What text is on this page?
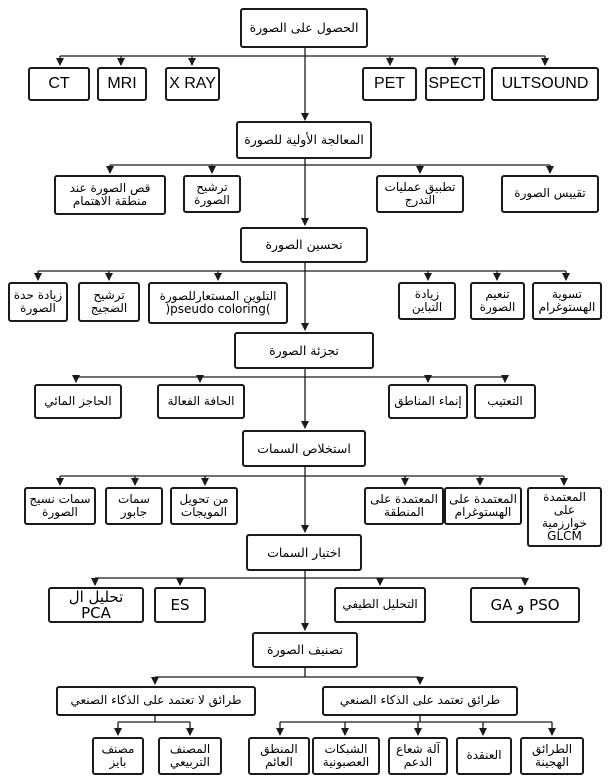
الحصول على الصورة
المعالجة الأولية للصورة
تحسين الصورة
تجزئة الصورة
استخلاص السمات
اختيار السمات
تصنيف الصورة
CT	MRI	X RAY	PET	SPECT	ULTSOUND
قص الصورة عند
منطقة الاهتمام
ترشيح
الصورة
تطبيق عمليات
التدرج	تقييس الصورة
زيادة حدة
الصورة
ترشيح
الضجيج
التلوين المستعارللصورة
(pseudo coloring)
زيادة
التباين
تنعيم
الصورة
تسوية
الهستوغرام
الحاجز المائي	الحافة الفعالة	إنماء المناطق	التعتيب
سمات نسيج
الصورة
سمات
جابور
من تحويل
المويجات
المعتمدة على
المنطقة
المعتمدة على
الهستوغرام
المعتمدة على
خوارزمية
GLCM
تحليل ال PCA	ES	التحليل الطيفي	GA و PSO
طرائق لا تعتمد على الذكاء الصنعي	طرائق تعتمد على الذكاء الصنعي
مصنف
بايز
المصنف
التربيعي
المنطق
العائم
الشبكات
العصبونية
آلة شعاع
الدعم	العنقدة	الطرائق
الهجينة
